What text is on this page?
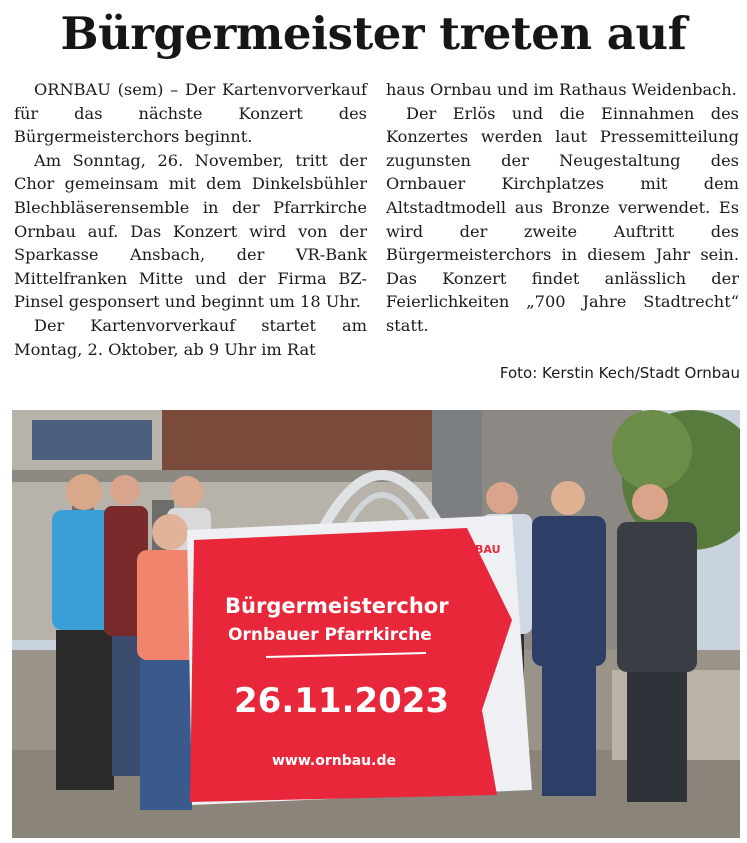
Bürgermeister treten auf

ORNBAU (sem) – Der Kartenvorverkauf für das nächste Konzert des Bürgermeisterchors beginnt.

Am Sonntag, 26. November, tritt der Chor gemeinsam mit dem Dinkelsbühler Blechbläserensemble in der Pfarrkirche Ornbau auf. Das Konzert wird von der Sparkasse Ansbach, der VR-Bank Mittelfranken Mitte und der Firma BZ-Pinsel gesponsert und beginnt um 18 Uhr.

Der Kartenvorverkauf startet am Montag, 2. Oktober, ab 9 Uhr im Rat

haus Ornbau und im Rathaus Weidenbach.

Der Erlös und die Einnahmen des Konzertes werden laut Pressemitteilung zugunsten der Neugestaltung des Ornbauer Kirchplatzes mit dem Altstadtmodell aus Bronze verwendet. Es wird der zweite Auftritt des Bürgermeisterchors in diesem Jahr sein. Das Konzert findet anlässlich der Feierlichkeiten „700 Jahre Stadtrecht“ statt.

Foto: Kerstin Kech/Stadt Ornbau
ORNBAU
Bürgermeisterchor
Ornbauer Pfarrkirche
26.11.2023
www.ornbau.de
